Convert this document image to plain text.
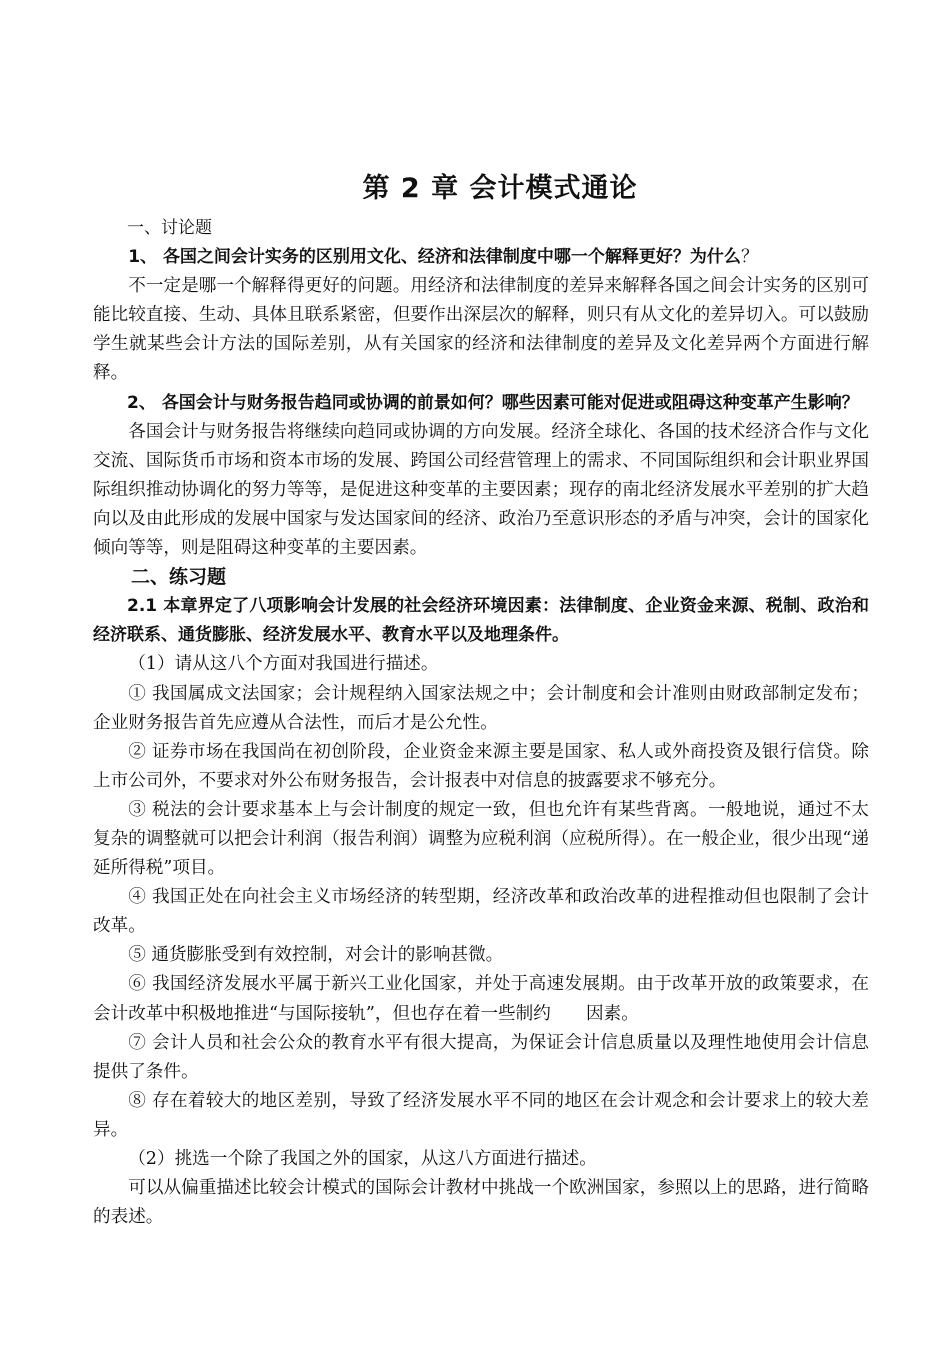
第 2 章 会计模式通论

一、讨论题

1、 各国之间会计实务的区别用文化、经济和法律制度中哪一个解释更好？为什么？

不一定是哪一个解释得更好的问题。用经济和法律制度的差异来解释各国之间会计实务的区别可能比较直接、生动、具体且联系紧密，但要作出深层次的解释，则只有从文化的差异切入。可以鼓励学生就某些会计方法的国际差别，从有关国家的经济和法律制度的差异及文化差异两个方面进行解释。

2、 各国会计与财务报告趋同或协调的前景如何？哪些因素可能对促进或阻碍这种变革产生影响？

各国会计与财务报告将继续向趋同或协调的方向发展。经济全球化、各国的技术经济合作与文化交流、国际货币市场和资本市场的发展、跨国公司经营管理上的需求、不同国际组织和会计职业界国际组织推动协调化的努力等等，是促进这种变革的主要因素；现存的南北经济发展水平差别的扩大趋向以及由此形成的发展中国家与发达国家间的经济、政治乃至意识形态的矛盾与冲突，会计的国家化倾向等等，则是阻碍这种变革的主要因素。

二、练习题

2.1 本章界定了八项影响会计发展的社会经济环境因素：法律制度、企业资金来源、税制、政治和经济联系、通货膨胀、经济发展水平、教育水平以及地理条件。

（1）请从这八个方面对我国进行描述。

① 我国属成文法国家；会计规程纳入国家法规之中；会计制度和会计准则由财政部制定发布；企业财务报告首先应遵从合法性，而后才是公允性。

② 证券市场在我国尚在初创阶段，企业资金来源主要是国家、私人或外商投资及银行信贷。除上市公司外，不要求对外公布财务报告，会计报表中对信息的披露要求不够充分。

③ 税法的会计要求基本上与会计制度的规定一致，但也允许有某些背离。一般地说，通过不太复杂的调整就可以把会计利润（报告利润）调整为应税利润（应税所得）。在一般企业，很少出现“递延所得税”项目。

④ 我国正处在向社会主义市场经济的转型期，经济改革和政治改革的进程推动但也限制了会计改革。

⑤ 通货膨胀受到有效控制，对会计的影响甚微。

⑥ 我国经济发展水平属于新兴工业化国家，并处于高速发展期。由于改革开放的政策要求，在会计改革中积极地推进“与国际接轨”，但也存在着一些制约　　因素。

⑦ 会计人员和社会公众的教育水平有很大提高，为保证会计信息质量以及理性地使用会计信息提供了条件。

⑧ 存在着较大的地区差别，导致了经济发展水平不同的地区在会计观念和会计要求上的较大差异。

（2）挑选一个除了我国之外的国家，从这八方面进行描述。

可以从偏重描述比较会计模式的国际会计教材中挑战一个欧洲国家，参照以上的思路，进行简略的表述。
